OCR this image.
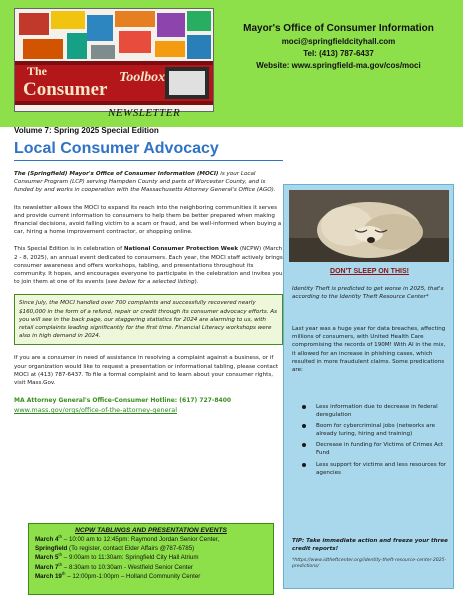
The
Consumer
Toolbox
NEWSLETTER
Mayor's Office of Consumer Information
moci@springfieldcityhall.com
Tel: (413) 787-6437
Website: www.springfield-ma.gov/cos/moci
Volume 7: Spring 2025 Special Edition
Local Consumer Advocacy
The (Springfield) Mayor's Office of Consumer Information (MOCI) is your Local Consumer Program (LCP) serving Hampden County and parts of Worcester County, and is funded by and works in cooperation with the Massachusetts Attorney General's Office (AGO).
Its newsletter allows the MOCI to expand its reach into the neighboring communities it serves and provide current information to consumers to help them be better prepared when making financial decisions, avoid falling victim to a scam or fraud, and be well-informed when buying a car, hiring a home improvement contractor, or shopping online.
This Special Edition is in celebration of National Consumer Protection Week (NCPW) (March 2 - 8, 2025), an annual event dedicated to consumers. Each year, the MOCI staff actively brings consumer awareness and offers workshops, tabling, and presentations throughout its community. It hopes, and encourages everyone to participate in the celebration and invites you to join them at one of its events (see below for a selected listing).
Since July, the MOCI handled over 700 complaints and successfully recovered nearly $160,000 in the form of a refund, repair or credit through its consumer advocacy efforts. As you will see in the back page, our staggering statistics for 2024 are alarming to us, with retail complaints leading significantly for the first time. Financial Literacy workshops were also in high demand in 2024.
If you are a consumer in need of assistance in resolving a complaint against a business, or if your organization would like to request a presentation or informational tabling, please contact MOCI at (413) 787-6437. To file a formal complaint and to learn about your consumer rights, visit Mass.Gov.
MA Attorney General's Office-Consumer Hotline: (617) 727-8400
www.mass.gov/orgs/office-of-the-attorney-general
NCPW TABLINGS AND PRESENTATION EVENTS
March 4th – 10:00 am to 12:45pm: Raymond Jordan Senior Center,
Springfield (To register, contact Elder Affairs @787-6785)
March 5th – 9:00am to 11:30am: Springfield City Hall Atrium
March 7th – 8:30am to 10:30am - Westfield Senior Center
March 19th – 12:00pm-1:00pm – Holland Community Center
DON'T SLEEP ON THIS!
Identity Theft is predicted to get worse in 2025, that's according to the Identity Theft Resource Center*
Last year was a huge year for data breaches, affecting millions of consumers, with United Health Care compromising the records of 190M! With AI in the mix, it allowed for an increase in phishing cases, which resulted in more fraudulent claims. Some predications are:
Less information due to decrease in federal deregulation
Boom for cybercriminal jobs (networks are already luring, hiring and training)
Decrease in funding for Victims of Crimes Act Fund
Less support for victims and less resources for agencies
TIP: Take immediate action and freeze your three credit reports!
*https://www.idtheftcenter.org/identity-theft-resource-center-2025-predictions/
